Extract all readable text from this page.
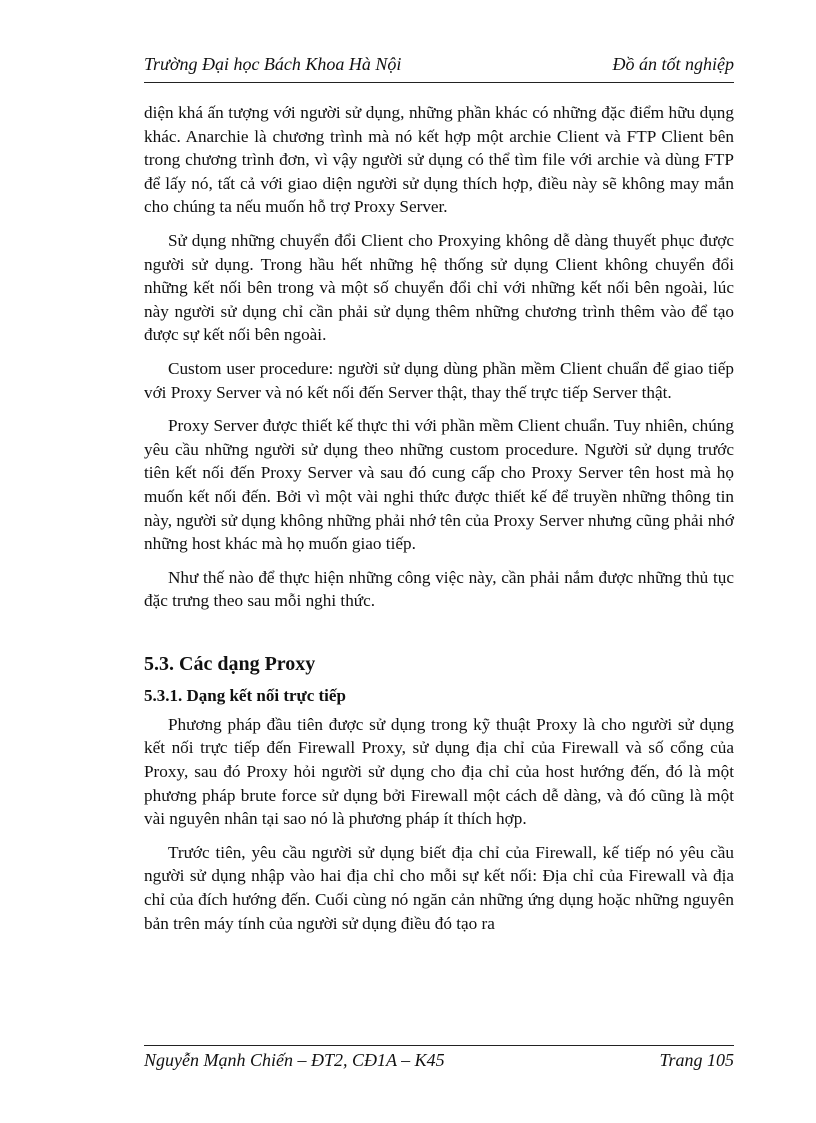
Trường Đại học Bách Khoa Hà Nội	Đồ án tốt nghiệp

diện khá ấn tượng với người sử dụng, những phần khác có những đặc điểm hữu dụng khác. Anarchie là chương trình mà nó kết hợp một archie Client và FTP Client bên trong chương trình đơn, vì vậy người sử dụng có thể tìm file với archie và dùng FTP để lấy nó, tất cả với giao diện người sử dụng thích hợp, điều này sẽ không may mắn cho chúng ta nếu muốn hỗ trợ Proxy Server.

Sử dụng những chuyển đổi Client cho Proxying không dễ dàng thuyết phục được người sử dụng. Trong hầu hết những hệ thống sử dụng Client không chuyển đổi những kết nối bên trong và một số chuyển đổi chỉ với những kết nối bên ngoài, lúc này người sử dụng chỉ cần phải sử dụng thêm những chương trình thêm vào để tạo được sự kết nối bên ngoài.

Custom user procedure: người sử dụng dùng phần mềm Client chuẩn để giao tiếp với Proxy Server và nó kết nối đến Server thật, thay thế trực tiếp Server thật.

Proxy Server được thiết kế thực thi với phần mềm Client chuẩn. Tuy nhiên, chúng yêu cầu những người sử dụng theo những custom procedure. Người sử dụng trước tiên kết nối đến Proxy Server và sau đó cung cấp cho Proxy Server tên host mà họ muốn kết nối đến. Bởi vì một vài nghi thức được thiết kế để truyền những thông tin này, người sử dụng không những phải nhớ tên của Proxy Server nhưng cũng phải nhớ những host khác mà họ muốn giao tiếp.

Như thế nào để thực hiện những công việc này, cần phải nắm được những thủ tục đặc trưng theo sau mỗi nghi thức.

5.3. Các dạng Proxy
5.3.1. Dạng kết nối trực tiếp

Phương pháp đầu tiên được sử dụng trong kỹ thuật Proxy là cho người sử dụng kết nối trực tiếp đến Firewall Proxy, sử dụng địa chỉ của Firewall và số cổng của Proxy, sau đó Proxy hỏi người sử dụng cho địa chỉ của host hướng đến, đó là một phương pháp brute force sử dụng bởi Firewall một cách dễ dàng, và đó cũng là một vài nguyên nhân tại sao nó là phương pháp ít thích hợp.

Trước tiên, yêu cầu người sử dụng biết địa chỉ của Firewall, kế tiếp nó yêu cầu người sử dụng nhập vào hai địa chỉ cho mỗi sự kết nối: Địa chỉ của Firewall và địa chỉ của đích hướng đến. Cuối cùng nó ngăn cản những ứng dụng hoặc những nguyên bản trên máy tính của người sử dụng điều đó tạo ra

Nguyễn Mạnh Chiến – ĐT2, CĐ1A – K45	Trang 105
